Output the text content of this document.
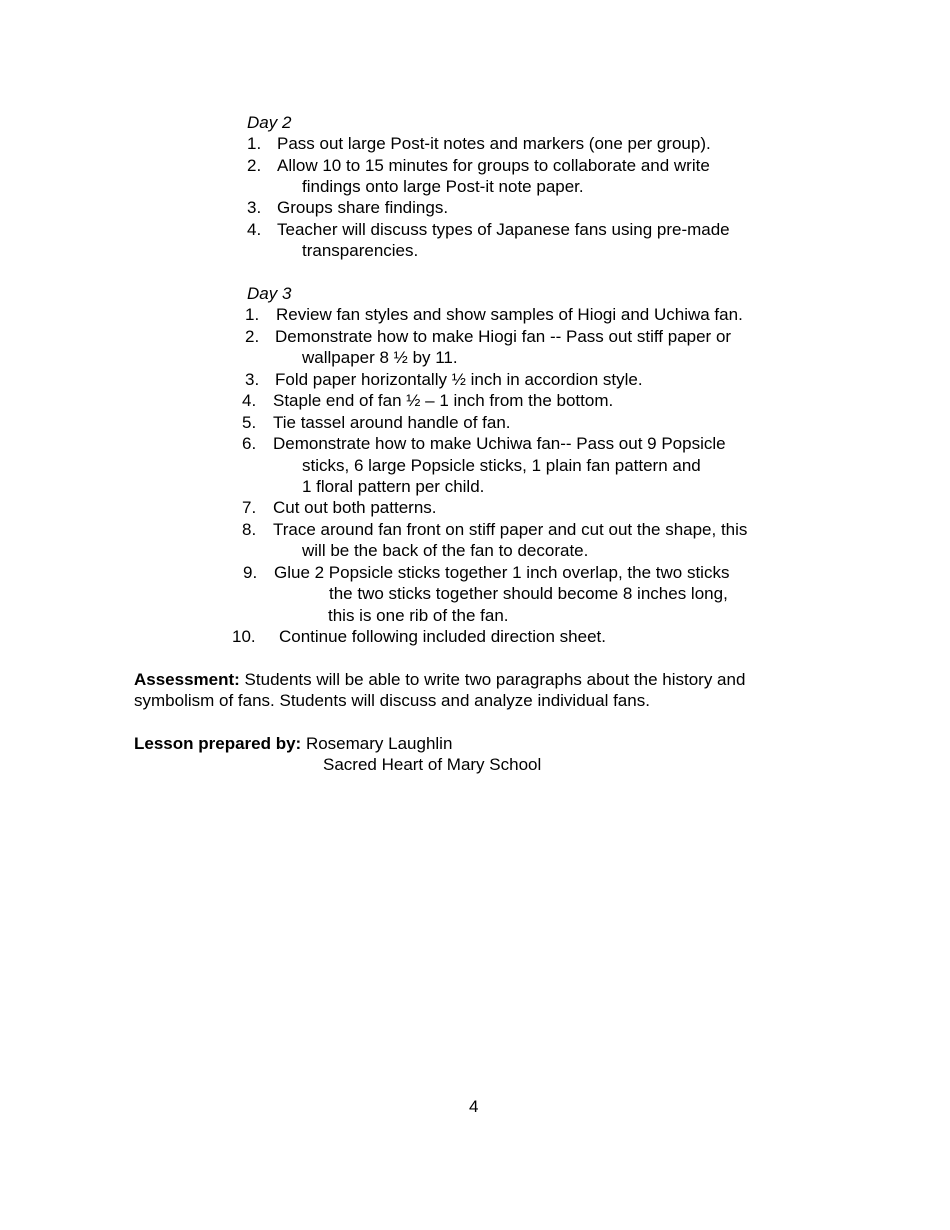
Day 2
1. Pass out large Post-it notes and markers (one per group).
2. Allow 10 to 15 minutes for groups to collaborate and write
findings onto large Post-it note paper.
3. Groups share findings.
4. Teacher will discuss types of Japanese fans using pre-made
transparencies.
Day 3
1. Review fan styles and show samples of Hiogi and Uchiwa fan.
2. Demonstrate how to make Hiogi fan -- Pass out stiff paper or
wallpaper 8 ½ by 11.
3. Fold paper horizontally ½ inch in accordion style.
4. Staple end of fan ½ – 1 inch from the bottom.
5. Tie tassel around handle of fan.
6. Demonstrate how to make Uchiwa fan-- Pass out 9 Popsicle
sticks, 6 large Popsicle sticks, 1 plain fan pattern and
1 floral pattern per child.
7. Cut out both patterns.
8. Trace around fan front on stiff paper and cut out the shape, this
will be the back of the fan to decorate.
9. Glue 2 Popsicle sticks together 1 inch overlap, the two sticks
the two sticks together should become 8 inches long,
this is one rib of the fan.
10. Continue following included direction sheet.
Assessment: Students will be able to write two paragraphs about the history and
symbolism of fans. Students will discuss and analyze individual fans.
Lesson prepared by: Rosemary Laughlin
Sacred Heart of Mary School
4
